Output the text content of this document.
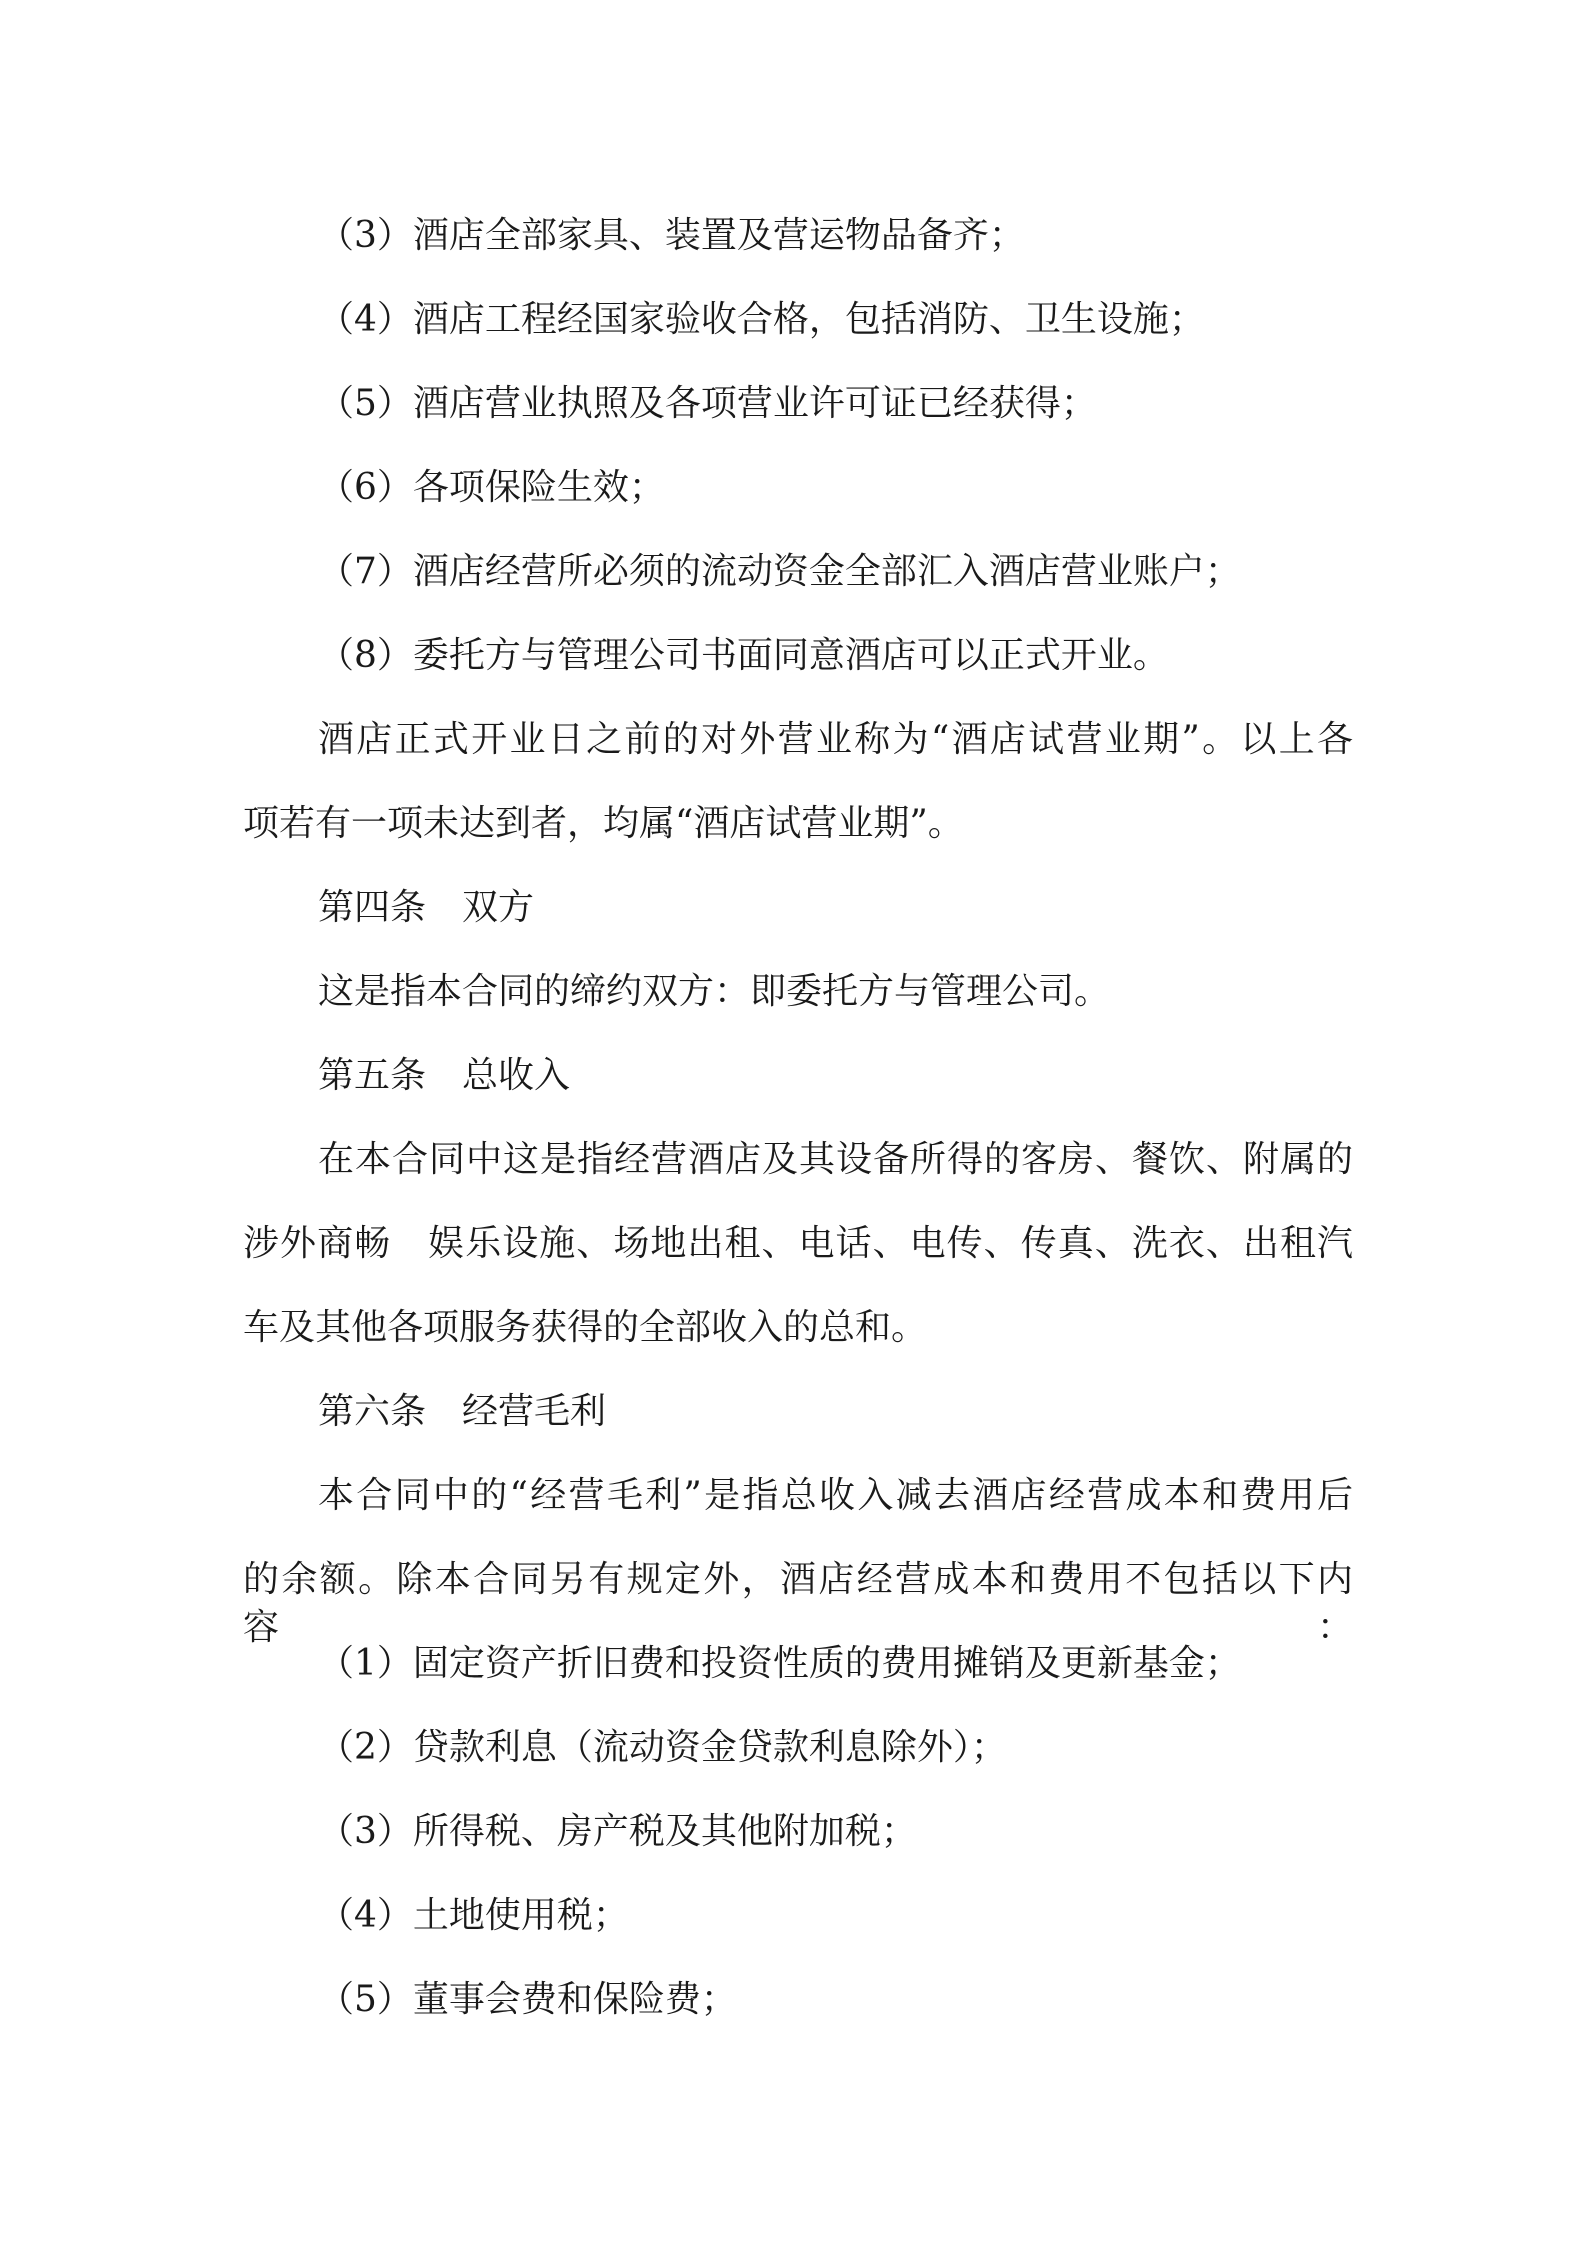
（3）酒店全部家具、装置及营运物品备齐；

（4）酒店工程经国家验收合格，包括消防、卫生设施；

（5）酒店营业执照及各项营业许可证已经获得；

（6）各项保险生效；

（7）酒店经营所必须的流动资金全部汇入酒店营业账户；

（8）委托方与管理公司书面同意酒店可以正式开业。

酒店正式开业日之前的对外营业称为“酒店试营业期”。以上各

项若有一项未达到者，均属“酒店试营业期”。

第四条　双方

这是指本合同的缔约双方：即委托方与管理公司。

第五条　总收入

在本合同中这是指经营酒店及其设备所得的客房、餐饮、附属的

涉外商畅　娱乐设施、场地出租、电话、电传、传真、洗衣、出租汽

车及其他各项服务获得的全部收入的总和。

第六条　经营毛利

本合同中的“经营毛利”是指总收入减去酒店经营成本和费用后

的余额。除本合同另有规定外，酒店经营成本和费用不包括以下内容：

（1）固定资产折旧费和投资性质的费用摊销及更新基金；

（2）贷款利息（流动资金贷款利息除外）；

（3）所得税、房产税及其他附加税；

（4）土地使用税；

（5）董事会费和保险费；
